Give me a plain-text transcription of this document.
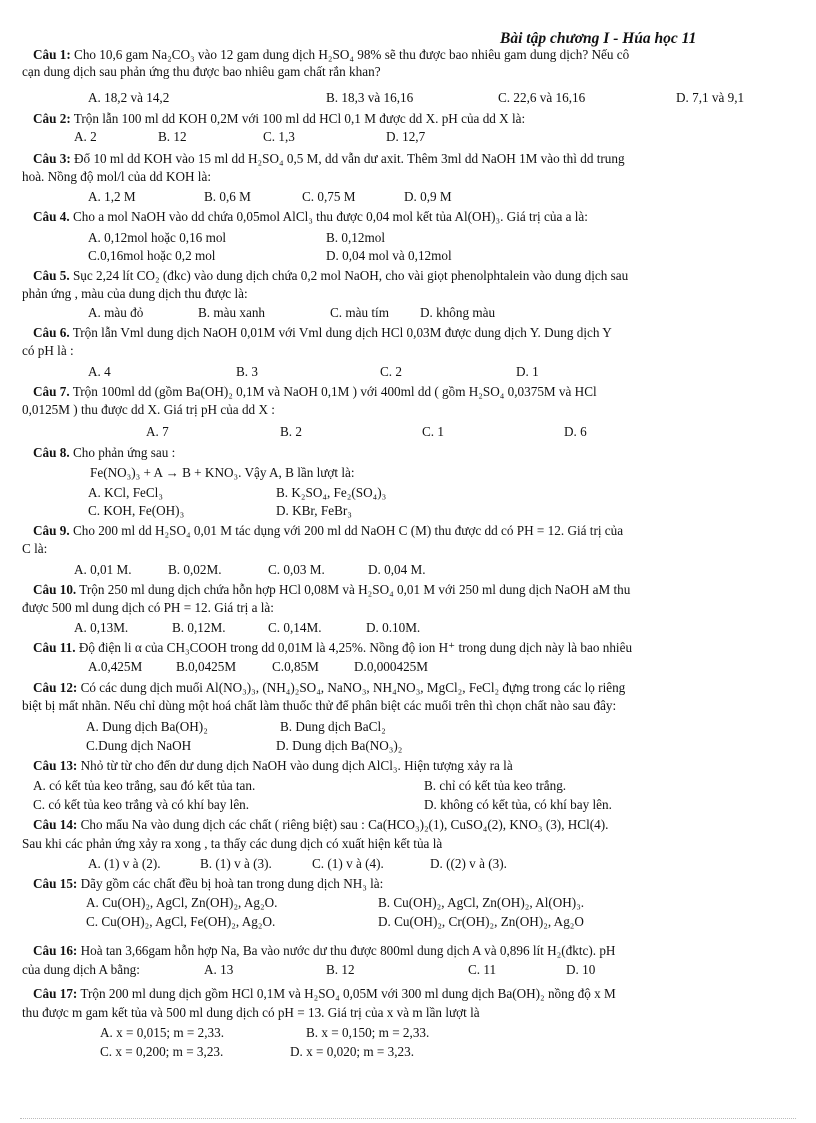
Bài tập chương I - Húa học 11
Câu 1: Cho 10,6 gam Na₂CO₃ vào 12 gam dung dịch H₂SO₄ 98% sẽ thu được bao nhiêu gam dung dịch? Nếu cô
cạn dung dịch sau phản ứng thu được bao nhiêu gam chất rắn khan?
A. 18,2 và 14,2	B. 18,3 và 16,16	C. 22,6 và 16,16	D. 7,1 và 9,1
Câu 2: Trộn lẫn 100 ml dd KOH 0,2M với 100 ml dd HCl 0,1 M được dd X. pH của dd X là:
A. 2	B. 12	C. 1,3	D. 12,7
Câu 3: Đổ 10 ml dd KOH vào 15 ml dd H₂SO₄ 0,5 M, dd vẫn dư axit. Thêm 3ml dd NaOH 1M vào thì dd trung
hoà. Nồng độ mol/l của dd KOH là:
A. 1,2 M	B. 0,6 M	C. 0,75 M	D. 0,9 M
Câu 4. Cho a mol NaOH vào dd chứa 0,05mol AlCl₃ thu được 0,04 mol kết tủa Al(OH)₃. Giá trị của a là:
A. 0,12mol hoặc 0,16 mol	B. 0,12mol
C.0,16mol hoặc 0,2 mol	D. 0,04 mol và 0,12mol
Câu 5. Sục 2,24 lít CO₂ (đkc) vào dung dịch chứa 0,2 mol NaOH, cho vài giọt phenolphtalein vào dung dịch sau
phản ứng , màu của dung dịch thu được là:
A. màu đỏ	B. màu xanh	C. màu tím D. không màu
Câu 6. Trộn lẫn Vml dung dịch NaOH 0,01M với Vml dung dịch HCl 0,03M được dung dịch Y. Dung dịch Y
có pH là :
A. 4	B. 3	C. 2	D. 1
Câu 7. Trộn 100ml dd (gồm Ba(OH)₂ 0,1M và NaOH 0,1M ) với 400ml dd ( gồm H₂SO₄ 0,0375M và HCl
0,0125M ) thu được dd X. Giá trị pH của dd X :
A. 7	B. 2	C. 1	D. 6
Câu 8. Cho phản ứng sau :
Fe(NO₃)₃ + A → B + KNO₃. Vậy A, B lần lượt là:
A. KCl, FeCl₃	B. K₂SO₄, Fe₂(SO₄)₃
C. KOH, Fe(OH)₃	D. KBr, FeBr₃
Câu 9. Cho 200 ml dd H₂SO₄ 0,01 M tác dụng với 200 ml dd NaOH C (M) thu được dd có PH = 12. Giá trị của
C là:
A. 0,01 M.	B. 0,02M.	C. 0,03 M.	D. 0,04 M.
Câu 10. Trộn 250 ml dung dịch chứa hỗn hợp HCl 0,08M và H₂SO₄ 0,01 M với 250 ml dung dịch NaOH aM thu
được 500 ml dung dịch có PH = 12. Giá trị a là:
A. 0,13M.	B. 0,12M.	C. 0,14M.	D. 0.10M.
Câu 11. Độ điện li α của CH₃COOH trong dd 0,01M là 4,25%. Nồng độ ion H⁺ trong dung dịch này là bao nhiêu
A.0,425M	B.0,0425M	C.0,85M	D.0,000425M
Câu 12: Có các dung dịch muối Al(NO₃)₃, (NH₄)₂SO₄, NaNO₃, NH₄NO₃, MgCl₂, FeCl₂ đựng trong các lọ riêng
biệt bị mất nhãn. Nếu chỉ dùng một hoá chất làm thuốc thử để phân biệt các muối trên thì chọn chất nào sau đây:
A. Dung dịch Ba(OH)₂	B. Dung dịch BaCl₂
C.Dung dịch NaOH	D. Dung dịch Ba(NO₃)₂
Câu 13: Nhỏ từ từ cho đến dư dung dịch NaOH vào dung dịch AlCl₃. Hiện tượng xảy ra là
A. có kết tủa keo trắng, sau đó kết tủa tan.	B. chỉ có kết tủa keo trắng.
C. có kết tủa keo trắng và có khí bay lên.	D. không có kết tủa, có khí bay lên.
Câu 14: Cho mẩu Na vào dung dịch các chất ( riêng biệt) sau : Ca(HCO₃)₂(1), CuSO₄(2), KNO₃ (3), HCl(4).
Sau khi các phản ứng xảy ra xong , ta thấy các dung dịch có xuất hiện kết tủa là
A. (1) v à (2).	B. (1) v à (3).	C. (1) v à (4).	D. ((2) v à (3).
Câu 15: Dãy gồm các chất đều bị hoà tan trong dung dịch NH₃ là:
A. Cu(OH)₂, AgCl, Zn(OH)₂, Ag₂O.	B. Cu(OH)₂, AgCl, Zn(OH)₂, Al(OH)₃.
C. Cu(OH)₂, AgCl, Fe(OH)₂, Ag₂O.	D. Cu(OH)₂, Cr(OH)₂, Zn(OH)₂, Ag₂O
Câu 16: Hoà tan 3,66gam hỗn hợp Na, Ba vào nước dư thu được 800ml dung dịch A và 0,896 lít H₂(đktc). pH
của dung dịch A bằng:	A. 13	B. 12	C. 11	D. 10
Câu 17: Trộn 200 ml dung dịch gồm HCl 0,1M và H₂SO₄ 0,05M với 300 ml dung dịch Ba(OH)₂ nồng độ x M
thu được m gam kết tủa và 500 ml dung dịch có pH = 13. Giá trị của x và m lần lượt là
A. x = 0,015; m = 2,33.	B. x = 0,150; m = 2,33.
C. x = 0,200; m = 3,23.	D. x = 0,020; m = 3,23.
